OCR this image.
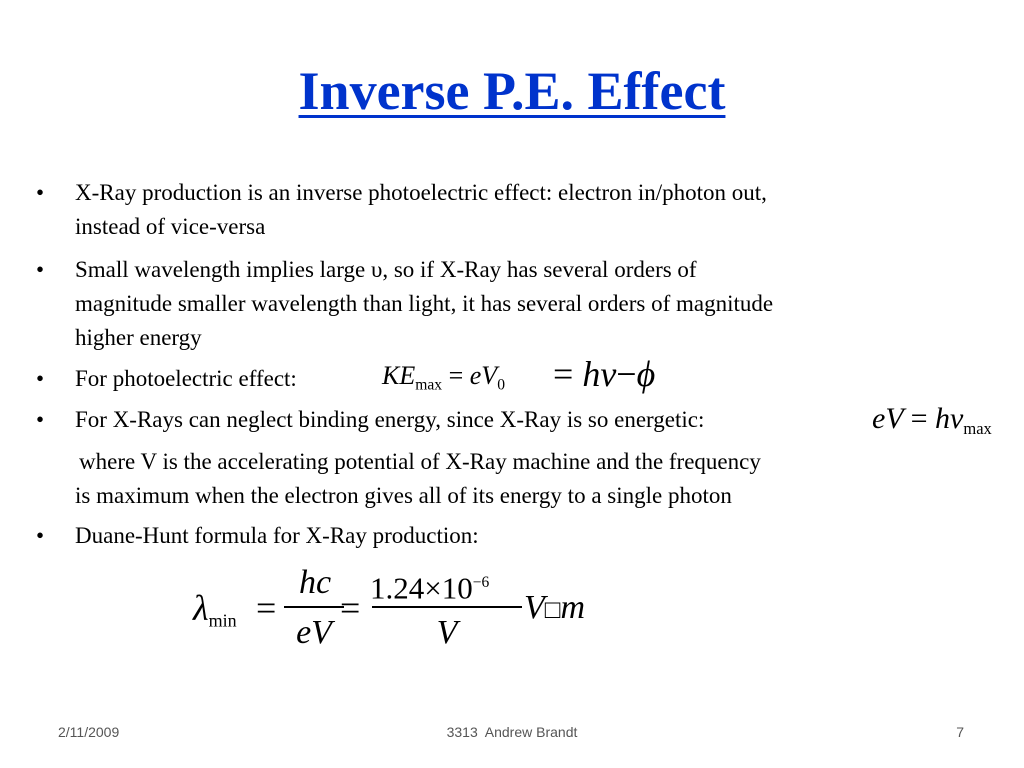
Inverse P.E. Effect
• X-Ray production is an inverse photoelectric effect: electron in/photon out,
instead of vice-versa
• Small wavelength implies large υ, so if X-Ray has several orders of
magnitude smaller wavelength than light, it has several orders of magnitude
higher energy
• For photoelectric effect:	$KE_{max} = eV_0 = h\nu-\phi$
• For X-Rays can neglect binding energy, since X-Ray is so energetic:	eV = $h\nu_{max}$
where V is the accelerating potential of X-Ray machine and the frequency
is maximum when the electron gives all of its energy to a single photon
• Duane-Hunt formula for X-Ray production:
$\lambda_{min}$ =
hc
eV
= $1.24\times 10^{-6}$
V
V□m
2/11/2009	3313  Andrew Brandt	7
